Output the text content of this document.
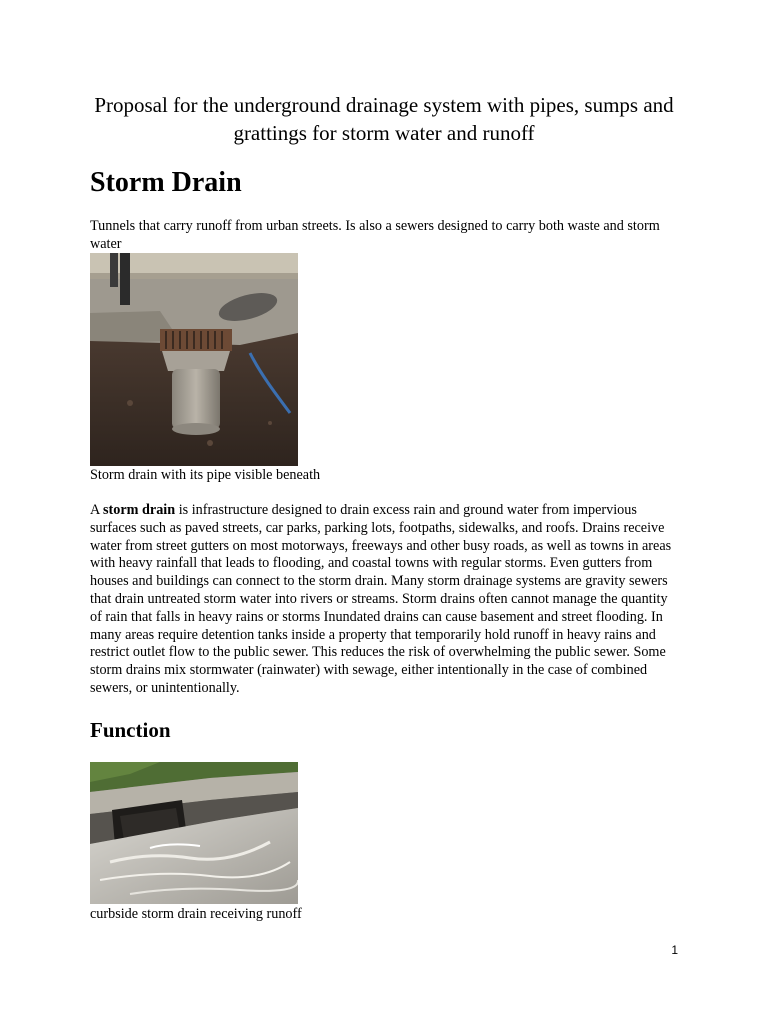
Proposal for the underground drainage system with pipes, sumps and grattings for storm water and runoff
Storm Drain
Tunnels that carry runoff from urban streets. Is also a sewers designed to carry both waste and storm water
Storm drain with its pipe visible beneath
A storm drain is infrastructure designed to drain excess rain and ground water from impervious surfaces such as paved streets, car parks, parking lots, footpaths, sidewalks, and roofs. Drains receive water from street gutters on most motorways, freeways and other busy roads, as well as towns in areas with heavy rainfall that leads to flooding, and coastal towns with regular storms. Even gutters from houses and buildings can connect to the storm drain. Many storm drainage systems are gravity sewers that drain untreated storm water into rivers or streams. Storm drains often cannot manage the quantity of rain that falls in heavy rains or storms Inundated drains can cause basement and street flooding. In many areas require detention tanks inside a property that temporarily hold runoff in heavy rains and restrict outlet flow to the public sewer. This reduces the risk of overwhelming the public sewer. Some storm drains mix stormwater (rainwater) with sewage, either intentionally in the case of combined sewers, or unintentionally.
Function
curbside storm drain receiving runoff
1
